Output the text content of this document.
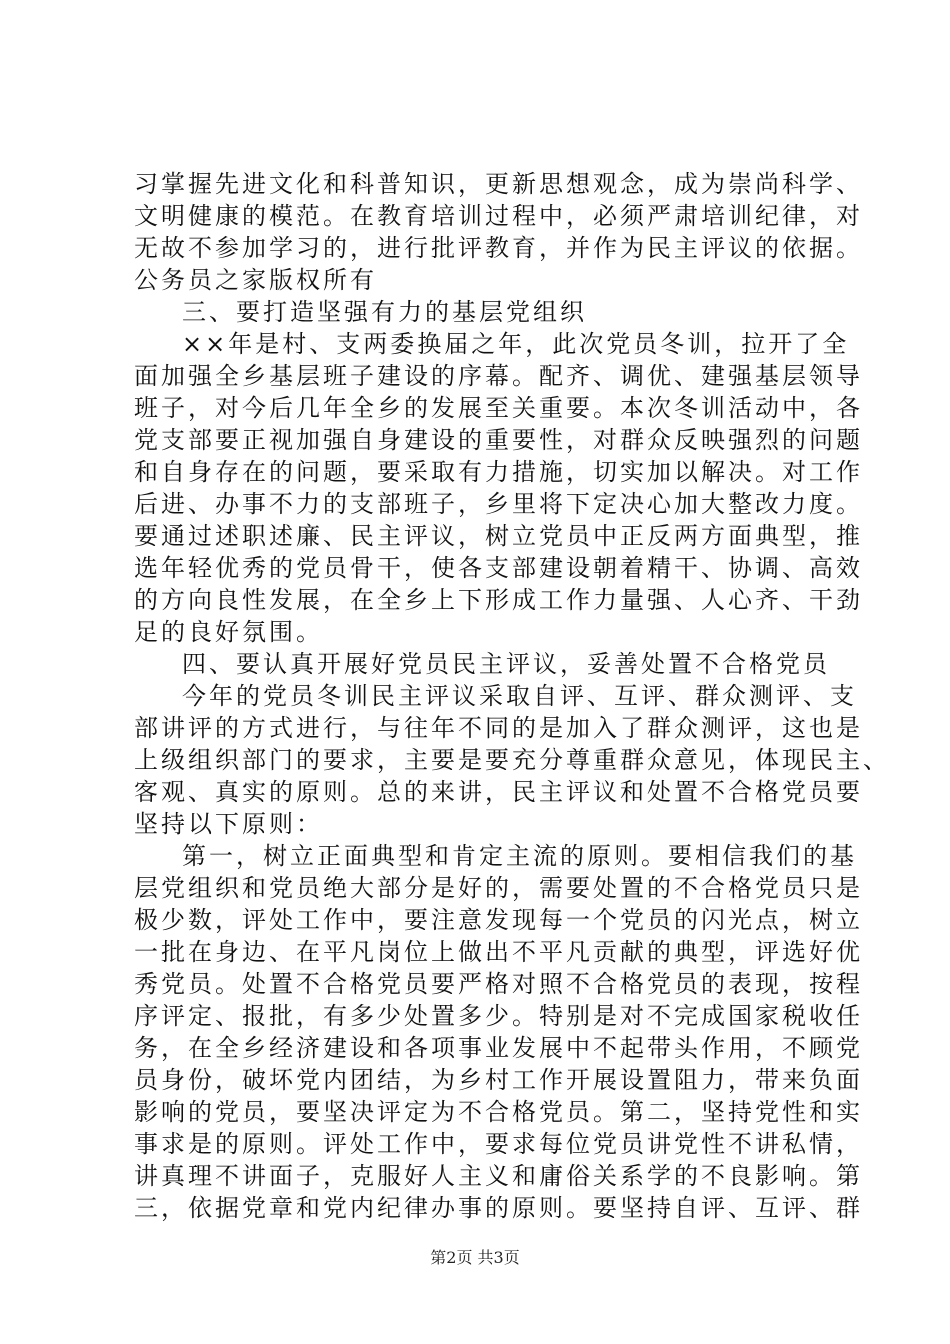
习掌握先进文化和科普知识，更新思想观念，成为崇尚科学、
文明健康的模范。在教育培训过程中，必须严肃培训纪律，对
无故不参加学习的，进行批评教育，并作为民主评议的依据。
公务员之家版权所有
三、要打造坚强有力的基层党组织
××年是村、支两委换届之年，此次党员冬训，拉开了全
面加强全乡基层班子建设的序幕。配齐、调优、建强基层领导
班子，对今后几年全乡的发展至关重要。本次冬训活动中，各
党支部要正视加强自身建设的重要性，对群众反映强烈的问题
和自身存在的问题，要采取有力措施，切实加以解决。对工作
后进、办事不力的支部班子，乡里将下定决心加大整改力度。
要通过述职述廉、民主评议，树立党员中正反两方面典型，推
选年轻优秀的党员骨干，使各支部建设朝着精干、协调、高效
的方向良性发展，在全乡上下形成工作力量强、人心齐、干劲
足的良好氛围。
四、要认真开展好党员民主评议，妥善处置不合格党员
今年的党员冬训民主评议采取自评、互评、群众测评、支
部讲评的方式进行，与往年不同的是加入了群众测评，这也是
上级组织部门的要求，主要是要充分尊重群众意见，体现民主、
客观、真实的原则。总的来讲，民主评议和处置不合格党员要
坚持以下原则：
第一，树立正面典型和肯定主流的原则。要相信我们的基
层党组织和党员绝大部分是好的，需要处置的不合格党员只是
极少数，评处工作中，要注意发现每一个党员的闪光点，树立
一批在身边、在平凡岗位上做出不平凡贡献的典型，评选好优
秀党员。处置不合格党员要严格对照不合格党员的表现，按程
序评定、报批，有多少处置多少。特别是对不完成国家税收任
务，在全乡经济建设和各项事业发展中不起带头作用，不顾党
员身份，破坏党内团结，为乡村工作开展设置阻力，带来负面
影响的党员，要坚决评定为不合格党员。第二，坚持党性和实
事求是的原则。评处工作中，要求每位党员讲党性不讲私情，
讲真理不讲面子，克服好人主义和庸俗关系学的不良影响。第
三，依据党章和党内纪律办事的原则。要坚持自评、互评、群
第2页 共3页
